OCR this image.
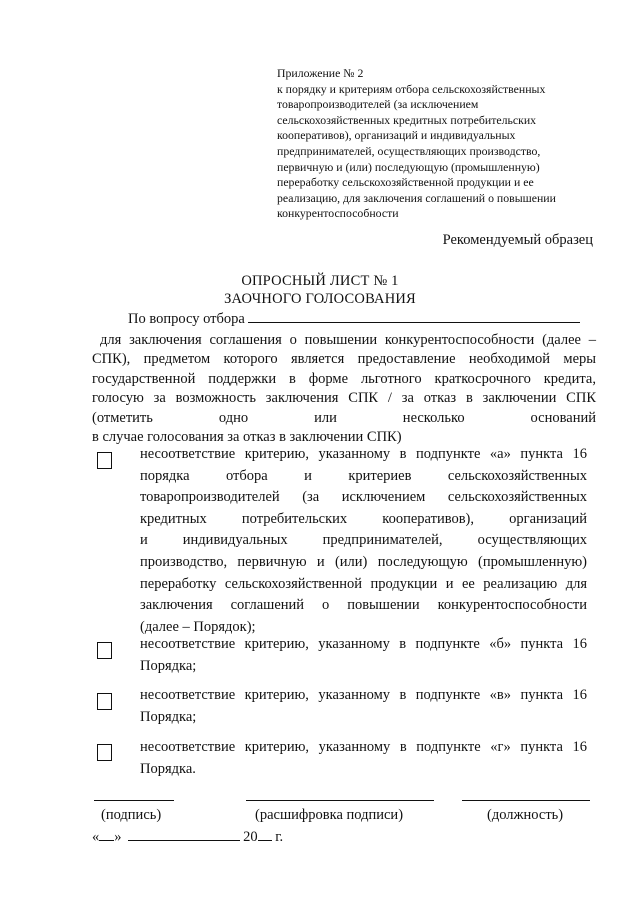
Приложение № 2
к порядку и критериям отбора сельскохозяйственных
товаропроизводителей (за исключением
сельскохозяйственных кредитных потребительских
кооперативов), организаций и индивидуальных
предпринимателей, осуществляющих производство,
первичную и (или) последующую (промышленную)
переработку сельскохозяйственной продукции и ее
реализацию, для заключения соглашений о повышении
конкурентоспособности
Рекомендуемый образец
ОПРОСНЫЙ ЛИСТ № 1
ЗАОЧНОГО ГОЛОСОВАНИЯ
По вопросу отбора
для заключения соглашения о повышении конкурентоспособности (далее –
СПК), предметом которого является предоставление необходимой меры
государственной поддержки в форме льготного краткосрочного кредита,
голосую за возможность заключения СПК / за отказ в заключении СПК
(отметить одно или несколько оснований
в случае голосования за отказ в заключении СПК)
несоответствие критерию, указанному в подпункте «а» пункта 16
порядка отбора и критериев сельскохозяйственных
товаропроизводителей (за исключением сельскохозяйственных
кредитных потребительских кооперативов), организаций
и индивидуальных предпринимателей, осуществляющих
производство, первичную и (или) последующую (промышленную)
переработку сельскохозяйственной продукции и ее реализацию для
заключения соглашений о повышении конкурентоспособности
(далее – Порядок);
несоответствие критерию, указанному в подпункте «б» пункта 16
Порядка;
несоответствие критерию, указанному в подпункте «в» пункта 16
Порядка;
несоответствие критерию, указанному в подпункте «г» пункта 16
Порядка.
(подпись)	(расшифровка подписи)	(должность)
« »	20 г.
